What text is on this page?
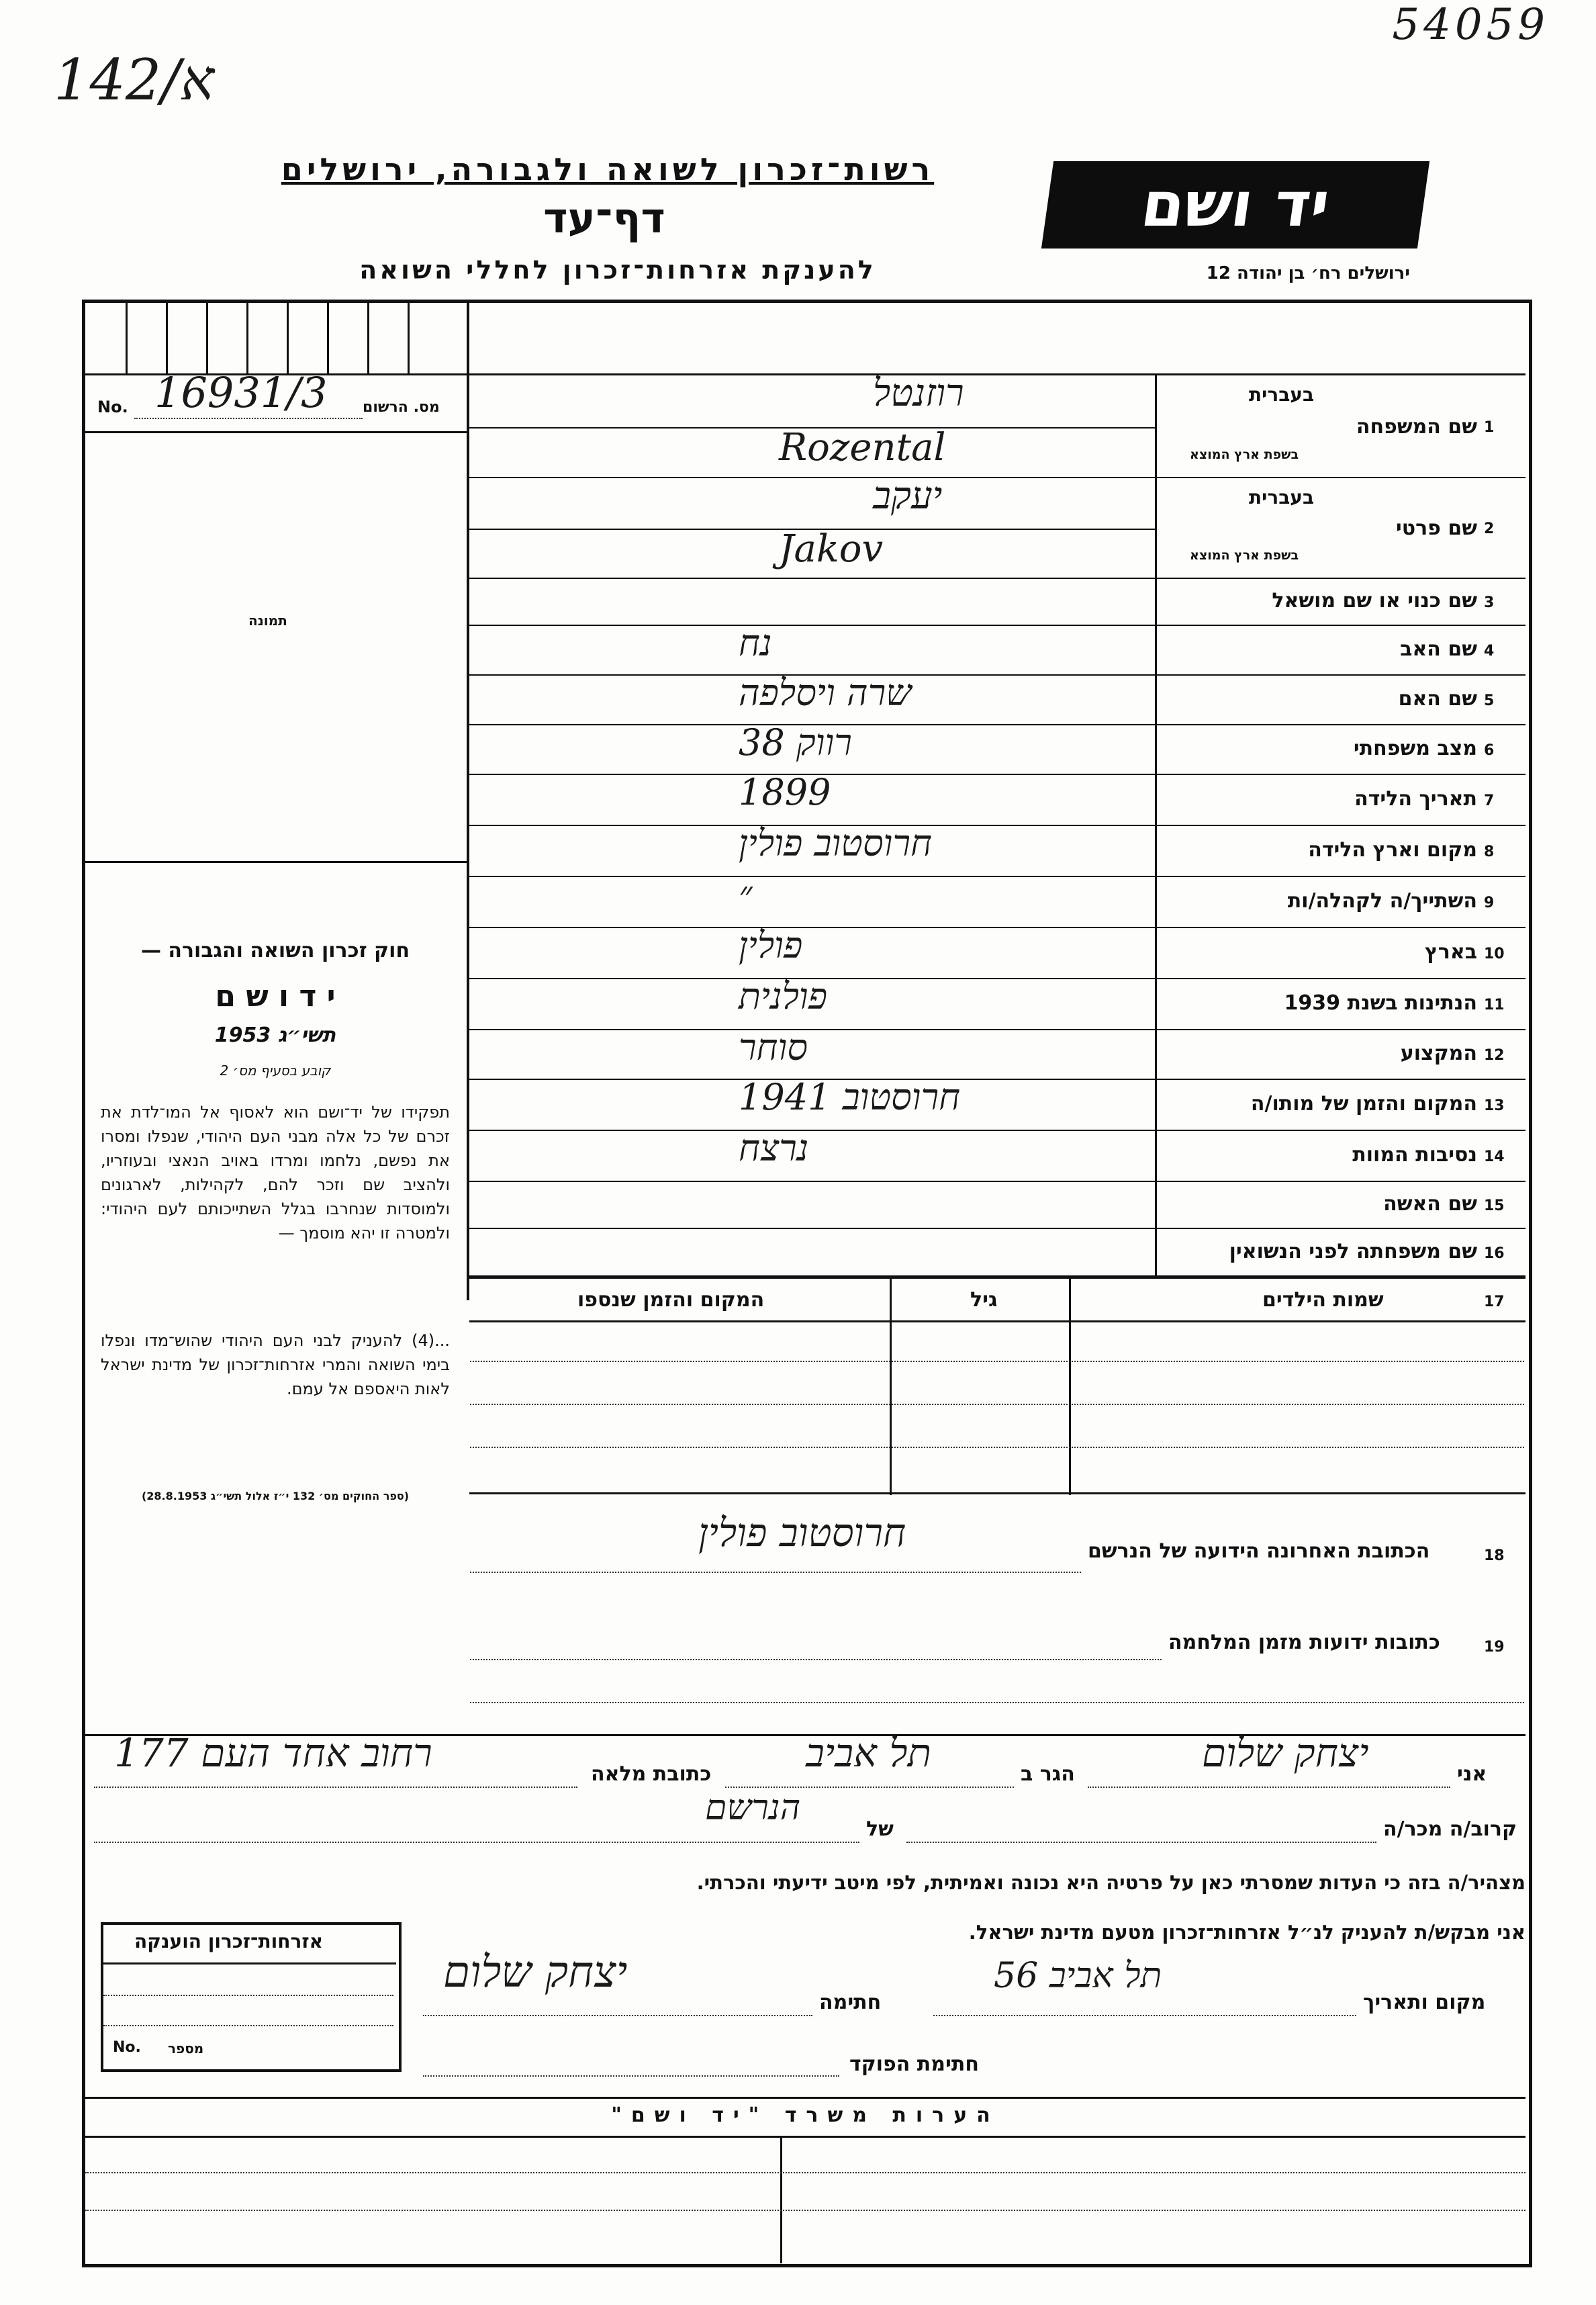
54059
142/א
רשות־זכרון לשואה ולגבורה, ירושלים
דף־עד
להענקת אזרחות־זכרון לחללי השואה
יד ושם
ירושלים רח׳ בן יהודה 12
No. 16931/3 מס. הרשום
תמונה
חוק זכרון השואה והגבורה —
י ד ו ש ם
תשי״ג 1953
קובע בסעיף מס׳ 2
תפקידו של יד־ושם הוא לאסוף אל המו־לדת את זכרם של כל אלה מבני העם היהודי, שנפלו ומסרו את נפשם, נלחמו ומרדו באויב הנאצי ובעוזריו, ולהציב שם וזכר להם, לקהילות, לארגונים ולמוסדות שנחרבו בגלל השתייכותם לעם היהודי: ולמטרה זו יהא מוסמך —
...(4) להעניק לבני העם היהודי שהוש־מדו ונפלו בימי השואה והמרי אזרחות־זכרון של מדינת ישראל לאות היאספם אל עמם.
(ספר החוקים מס׳ 132 י״ז אלול תשי״ג 28.8.1953)
1
שם המשפחה
בעברית
בשפת ארץ המוצא
רוזנטל
Rozental
2
שם פרטי
בעברית
בשפת ארץ המוצא
יעקב
Jakov
3
שם כנוי או שם מושאל
4
שם האב
נח
5
שם האם
שרה ויסלפה
6
מצב משפחתי
רווק 38
7
תאריך הלידה
1899
8
מקום וארץ הלידה
חרוסטוב פולין
9
השתייך/ה לקהלה/ות
״
10
בארץ
פולין
11
הנתינות בשנת 1939
פולנית
12
המקצוע
סוחר
13
המקום והזמן של מותו/ה
חרוסטוב 1941
14
נסיבות המוות
נרצח
15
שם האשה
16
שם משפחתה לפני הנשואין
17
שמות הילדים
גיל
המקום והזמן שנספו
18
הכתובת האחרונה הידועה של הנרשם
חרוסטוב פולין
19
כתובות ידועות מזמן המלחמה
אני
יצחק שלום
הגר ב
תל אביב
כתובת מלאה
רחוב אחד העם 177
קרוב/ה מכר/ה
של
הנרשם
מצהיר/ה בזה כי העדות שמסרתי כאן על פרטיה היא נכונה ואמיתית, לפי מיטב ידיעתי והכרתי.
אני מבקש/ת להעניק לנ״ל אזרחות־זכרון מטעם מדינת ישראל.
אזרחות־זכרון הוענקה
No. מספר
מקום ותאריך
תל אביב 56
חתימה
יצחק שלום
חתימת הפוקד
הערות משרד "יד ושם"
